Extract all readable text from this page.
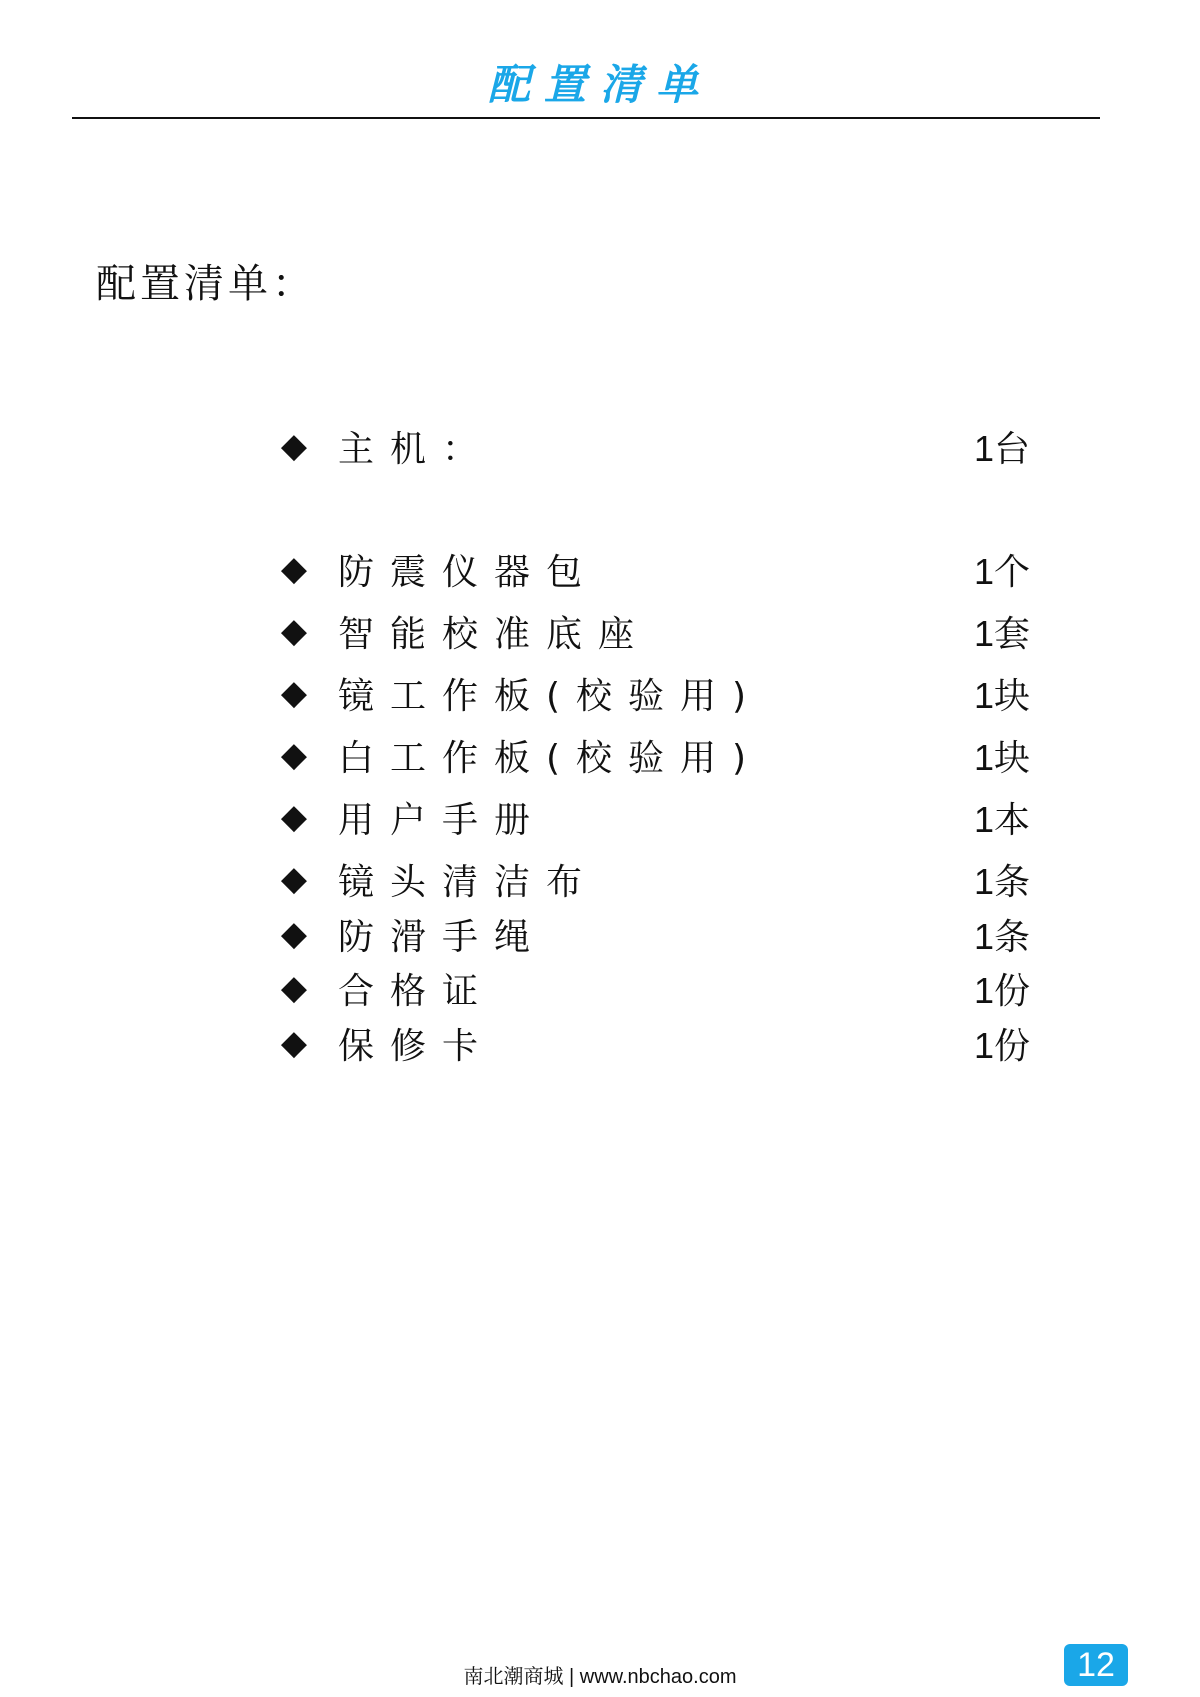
配置清单
配置清单：
◆ 主机：	1台
◆ 防震仪器包	1个
◆ 智能校准底座	1套
◆ 镜工作板(校验用)	1块
◆ 白工作板(校验用)	1块
◆ 用户手册	1本
◆ 镜头清洁布	1条
◆ 防滑手绳	1条
◆ 合格证	1份
◆ 保修卡	1份
南北潮商城 | www.nbchao.com	12
